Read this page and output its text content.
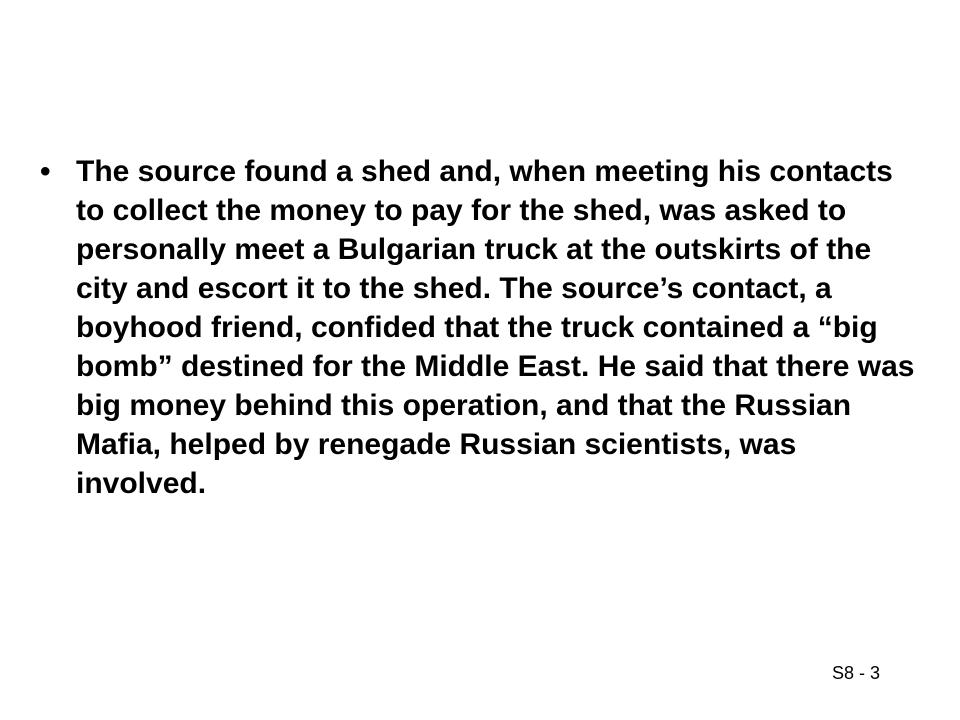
• The source found a shed and, when meeting his contacts to collect the money to pay for the shed, was asked to personally meet a Bulgarian truck at the outskirts of the city and escort it to the shed. The source’s contact, a boyhood friend, confided that the truck contained a “big bomb” destined for the Middle East. He said that there was big money behind this operation, and that the Russian Mafia, helped by renegade Russian scientists, was involved.
S8 - 3
